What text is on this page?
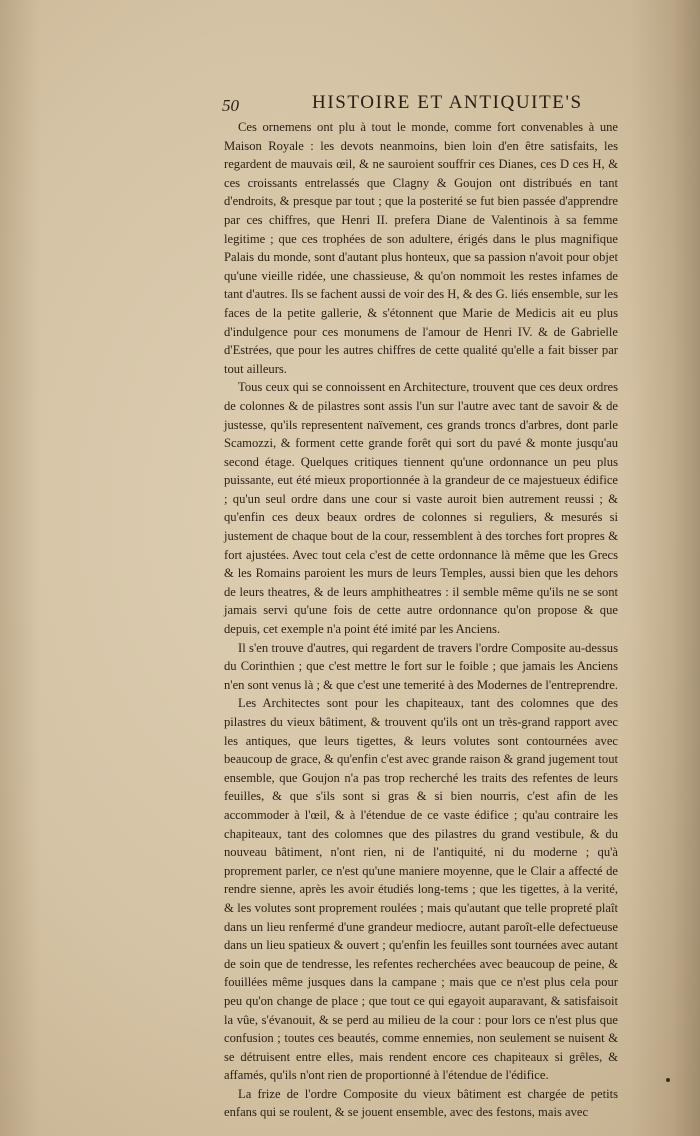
50	HISTOIRE ET ANTIQUITE'S

Ces ornemens ont plu à tout le monde, comme fort convenables à une Maison Royale : les devots neanmoins, bien loin d'en être satisfaits, les regardent de mauvais œil, & ne sauroient souffrir ces Dianes, ces D ces H, & ces croissants entrelassés que Clagny & Goujon ont distribués en tant d'endroits, & presque par tout ; que la posterité se fut bien passée d'apprendre par ces chiffres, que Henri II. prefera Diane de Valentinois à sa femme legitime ; que ces trophées de son adultere, érigés dans le plus magnifique Palais du monde, sont d'autant plus honteux, que sa passion n'avoit pour objet qu'une vieille ridée, une chassieuse, & qu'on nommoit les restes infames de tant d'autres. Ils se fachent aussi de voir des H, & des G. liés ensemble, sur les faces de la petite gallerie, & s'étonnent que Marie de Medicis ait eu plus d'indulgence pour ces monumens de l'amour de Henri IV. & de Gabrielle d'Estrées, que pour les autres chiffres de cette qualité qu'elle a fait bisser par tout ailleurs.

Tous ceux qui se connoissent en Architecture, trouvent que ces deux ordres de colonnes & de pilastres sont assis l'un sur l'autre avec tant de savoir & de justesse, qu'ils representent naïvement, ces grands troncs d'arbres, dont parle Scamozzi, & forment cette grande forêt qui sort du pavé & monte jusqu'au second étage. Quelques critiques tiennent qu'une ordonnance un peu plus puissante, eut été mieux proportionnée à la grandeur de ce majestueux édifice ; qu'un seul ordre dans une cour si vaste auroit bien autrement reussi ; & qu'enfin ces deux beaux ordres de colonnes si reguliers, & mesurés si justement de chaque bout de la cour, ressemblent à des torches fort propres & fort ajustées. Avec tout cela c'est de cette ordonnance là même que les Grecs & les Romains paroient les murs de leurs Temples, aussi bien que les dehors de leurs theatres, & de leurs amphitheatres : il semble même qu'ils ne se sont jamais servi qu'une fois de cette autre ordonnance qu'on propose & que depuis, cet exemple n'a point été imité par les Anciens.

Il s'en trouve d'autres, qui regardent de travers l'ordre Composite au-dessus du Corinthien ; que c'est mettre le fort sur le foible ; que jamais les Anciens n'en sont venus là ; & que c'est une temerité à des Modernes de l'entreprendre.

Les Architectes sont pour les chapiteaux, tant des colomnes que des pilastres du vieux bâtiment, & trouvent qu'ils ont un très-grand rapport avec les antiques, que leurs tigettes, & leurs volutes sont contournées avec beaucoup de grace, & qu'enfin c'est avec grande raison & grand jugement tout ensemble, que Goujon n'a pas trop recherché les traits des refentes de leurs feuilles, & que s'ils sont si gras & si bien nourris, c'est afin de les accommoder à l'œil, & à l'étendue de ce vaste édifice ; qu'au contraire les chapiteaux, tant des colomnes que des pilastres du grand vestibule, & du nouveau bâtiment, n'ont rien, ni de l'antiquité, ni du moderne ; qu'à proprement parler, ce n'est qu'une maniere moyenne, que le Clair a affecté de rendre sienne, après les avoir étudiés long-tems ; que les tigettes, à la verité, & les volutes sont proprement roulées ; mais qu'autant que telle propreté plaît dans un lieu renfermé d'une grandeur mediocre, autant paroît-elle defectueuse dans un lieu spatieux & ouvert ; qu'enfin les feuilles sont tournées avec autant de soin que de tendresse, les refentes recherchées avec beaucoup de peine, & fouillées même jusques dans la campane ; mais que ce n'est plus cela pour peu qu'on change de place ; que tout ce qui egayoit auparavant, & satisfaisoit la vûe, s'évanouit, & se perd au milieu de la cour : pour lors ce n'est plus que confusion ; toutes ces beautés, comme ennemies, non seulement se nuisent & se détruisent entre elles, mais rendent encore ces chapiteaux si grêles, & affamés, qu'ils n'ont rien de proportionné à l'étendue de l'édifice.

La frize de l'ordre Composite du vieux bâtiment est chargée de petits enfans qui se roulent, & se jouent ensemble, avec des festons, mais avec
